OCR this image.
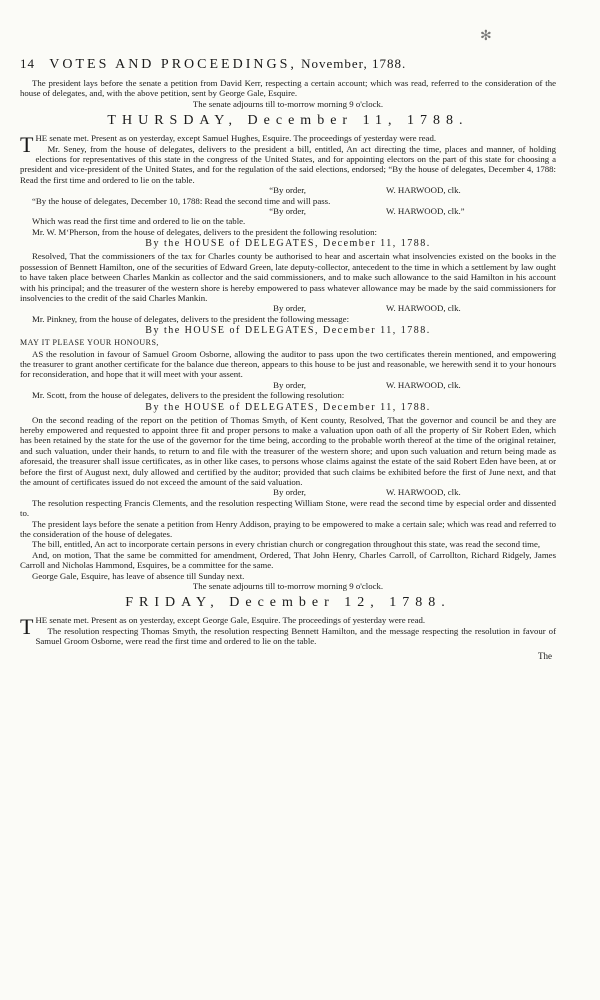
✻
14 VOTES AND PROCEEDINGS, November, 1788.

The president lays before the senate a petition from David Kerr, respecting a certain account; which was read, referred to the consideration of the house of delegates, and, with the above petition, sent by George Gale, Esquire.

The senate adjourns till to-morrow morning 9 o'clock.

THURSDAY, December 11, 1788.

THE senate met. Present as on yesterday, except Samuel Hughes, Esquire. The proceedings of yesterday were read.

Mr. Seney, from the house of delegates, delivers to the president a bill, entitled, An act directing the time, places and manner, of holding elections for representatives of this state in the congress of the United States, and for appointing electors on the part of this state for choosing a president and vice-president of the United States, and for the regulation of the said elections, endorsed; “By the house of delegates, December 4, 1788: Read the first time and ordered to lie on the table.

“By order,	W. HARWOOD, clk.

“By the house of delegates, December 10, 1788: Read the second time and will pass.

“By order,	W. HARWOOD, clk.”

Which was read the first time and ordered to lie on the table.

Mr. W. M‘Pherson, from the house of delegates, delivers to the president the following resolution:

By the HOUSE of DELEGATES, December 11, 1788.

Resolved, That the commissioners of the tax for Charles county be authorised to hear and ascertain what insolvencies existed on the books in the possession of Bennett Hamilton, one of the securities of Edward Green, late deputy-collector, antecedent to the time in which a settlement by law ought to have taken place between Charles Mankin as collector and the said commissioners, and to make such allowance to the said Hamilton in his account with his principal; and the treasurer of the western shore is hereby empowered to pass whatever allowance may be made by the said commissioners for insolvencies to the credit of the said Charles Mankin.

By order,	W. HARWOOD, clk.

Mr. Pinkney, from the house of delegates, delivers to the president the following message:

By the HOUSE of DELEGATES, December 11, 1788.

MAY IT PLEASE YOUR HONOURS,

AS the resolution in favour of Samuel Groom Osborne, allowing the auditor to pass upon the two certificates therein mentioned, and empowering the treasurer to grant another certificate for the balance due thereon, appears to this house to be just and reasonable, we herewith send it to your honours for reconsideration, and hope that it will meet with your assent.

By order,	W. HARWOOD, clk.

Mr. Scott, from the house of delegates, delivers to the president the following resolution:

By the HOUSE of DELEGATES, December 11, 1788.

On the second reading of the report on the petition of Thomas Smyth, of Kent county, Resolved, That the governor and council be and they are hereby empowered and requested to appoint three fit and proper persons to make a valuation upon oath of all the property of Sir Robert Eden, which has been retained by the state for the use of the governor for the time being, according to the probable worth thereof at the time of the original retainer, and such valuation, under their hands, to return to and file with the treasurer of the western shore; and upon such valuation and return being made as aforesaid, the treasurer shall issue certificates, as in other like cases, to persons whose claims against the estate of the said Robert Eden have been, at or before the first of August next, duly allowed and certified by the auditor; provided that such claims be exhibited before the first of June next, and that the amount of certificates issued do not exceed the amount of the said valuation.

By order,	W. HARWOOD, clk.

The resolution respecting Francis Clements, and the resolution respecting William Stone, were read the second time by especial order and dissented to.

The president lays before the senate a petition from Henry Addison, praying to be empowered to make a certain sale; which was read and referred to the consideration of the house of delegates.

The bill, entitled, An act to incorporate certain persons in every christian church or congregation throughout this state, was read the second time,

And, on motion, That the same be committed for amendment, Ordered, That John Henry, Charles Carroll, of Carrollton, Richard Ridgely, James Carroll and Nicholas Hammond, Esquires, be a committee for the same.

George Gale, Esquire, has leave of absence till Sunday next.

The senate adjourns till to-morrow morning 9 o'clock.

FRIDAY, December 12, 1788.

THE senate met. Present as on yesterday, except George Gale, Esquire. The proceedings of yesterday were read.

The resolution respecting Thomas Smyth, the resolution respecting Bennett Hamilton, and the message respecting the resolution in favour of Samuel Groom Osborne, were read the first time and ordered to lie on the table.

The
